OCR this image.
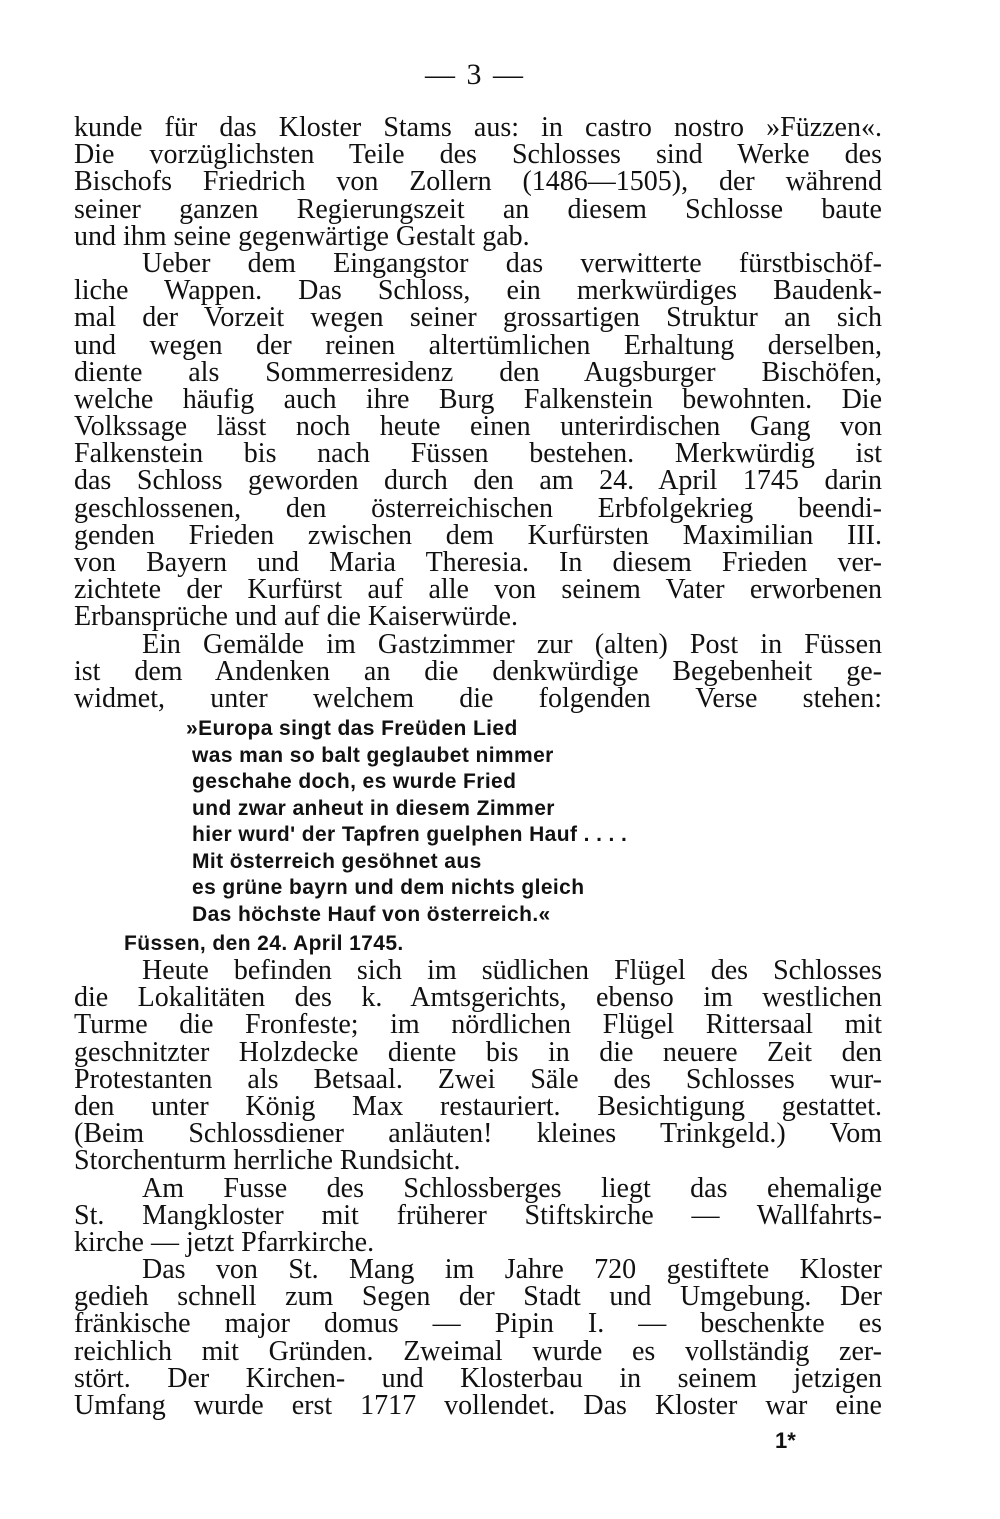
— 3 —
kunde für das Kloster Stams aus: in castro nostro »Füzzen«.
Die vorzüglichsten Teile des Schlosses sind Werke des
Bischofs Friedrich von Zollern (1486—1505), der während
seiner ganzen Regierungszeit an diesem Schlosse baute
und ihm seine gegenwärtige Gestalt gab.
Ueber dem Eingangstor das verwitterte fürstbischöf-
liche Wappen. Das Schloss, ein merkwürdiges Baudenk-
mal der Vorzeit wegen seiner grossartigen Struktur an sich
und wegen der reinen altertümlichen Erhaltung derselben,
diente als Sommerresidenz den Augsburger Bischöfen,
welche häufig auch ihre Burg Falkenstein bewohnten. Die
Volkssage lässt noch heute einen unterirdischen Gang von
Falkenstein bis nach Füssen bestehen. Merkwürdig ist
das Schloss geworden durch den am 24. April 1745 darin
geschlossenen, den österreichischen Erbfolgekrieg beendi-
genden Frieden zwischen dem Kurfürsten Maximilian III.
von Bayern und Maria Theresia. In diesem Frieden ver-
zichtete der Kurfürst auf alle von seinem Vater erworbenen
Erbansprüche und auf die Kaiserwürde.
Ein Gemälde im Gastzimmer zur (alten) Post in Füssen
ist dem Andenken an die denkwürdige Begebenheit ge-
widmet, unter welchem die folgenden Verse stehen:
»Europa singt das Freüden Lied
was man so balt geglaubet nimmer
geschahe doch, es wurde Fried
und zwar anheut in diesem Zimmer
hier wurd' der Tapfren guelphen Hauf . . . .
Mit österreich gesöhnet aus
es grüne bayrn und dem nichts gleich
Das höchste Hauf von österreich.«
Füssen, den 24. April 1745.
Heute befinden sich im südlichen Flügel des Schlosses
die Lokalitäten des k. Amtsgerichts, ebenso im westlichen
Turme die Fronfeste; im nördlichen Flügel Rittersaal mit
geschnitzter Holzdecke diente bis in die neuere Zeit den
Protestanten als Betsaal. Zwei Säle des Schlosses wur-
den unter König Max restauriert. Besichtigung gestattet.
(Beim Schlossdiener anläuten! kleines Trinkgeld.) Vom
Storchenturm herrliche Rundsicht.
Am Fusse des Schlossberges liegt das ehemalige
St. Mangkloster mit früherer Stiftskirche — Wallfahrts-
kirche — jetzt Pfarrkirche.
Das von St. Mang im Jahre 720 gestiftete Kloster
gedieh schnell zum Segen der Stadt und Umgebung. Der
fränkische major domus — Pipin I. — beschenkte es
reichlich mit Gründen. Zweimal wurde es vollständig zer-
stört. Der Kirchen- und Klosterbau in seinem jetzigen
Umfang wurde erst 1717 vollendet. Das Kloster war eine
1*
